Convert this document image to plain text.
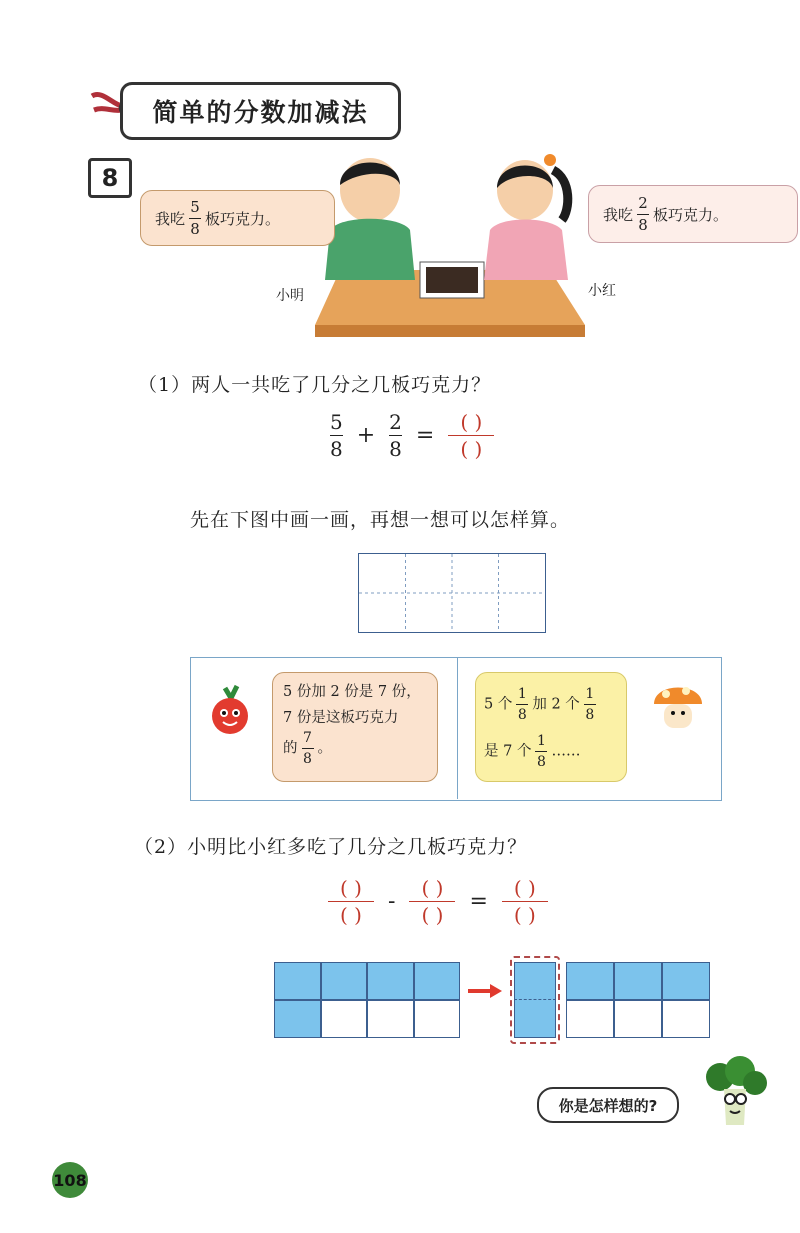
简单的分数加减法
8
我吃 $\frac{5}{8}$ 板巧克力。	我吃 $\frac{2}{8}$ 板巧克力。
小明	小红
（1）两人一共吃了几分之几板巧克力？
$\frac{5}{8} + \frac{2}{8} = \frac{( )}{( )}$
先在下图中画一画，再想一想可以怎样算。
5 份加 2 份是 7 份，
7 份是这板巧克力
的 $\frac{7}{8}$ 。
5 个 $\frac{1}{8}$ 加 2 个 $\frac{1}{8}$
是 7 个 $\frac{1}{8}$ ……
（2）小明比小红多吃了几分之几板巧克力？
$\frac{( )}{( )} - \frac{( )}{( )} = \frac{( )}{( )}$
你是怎样想的?
108
